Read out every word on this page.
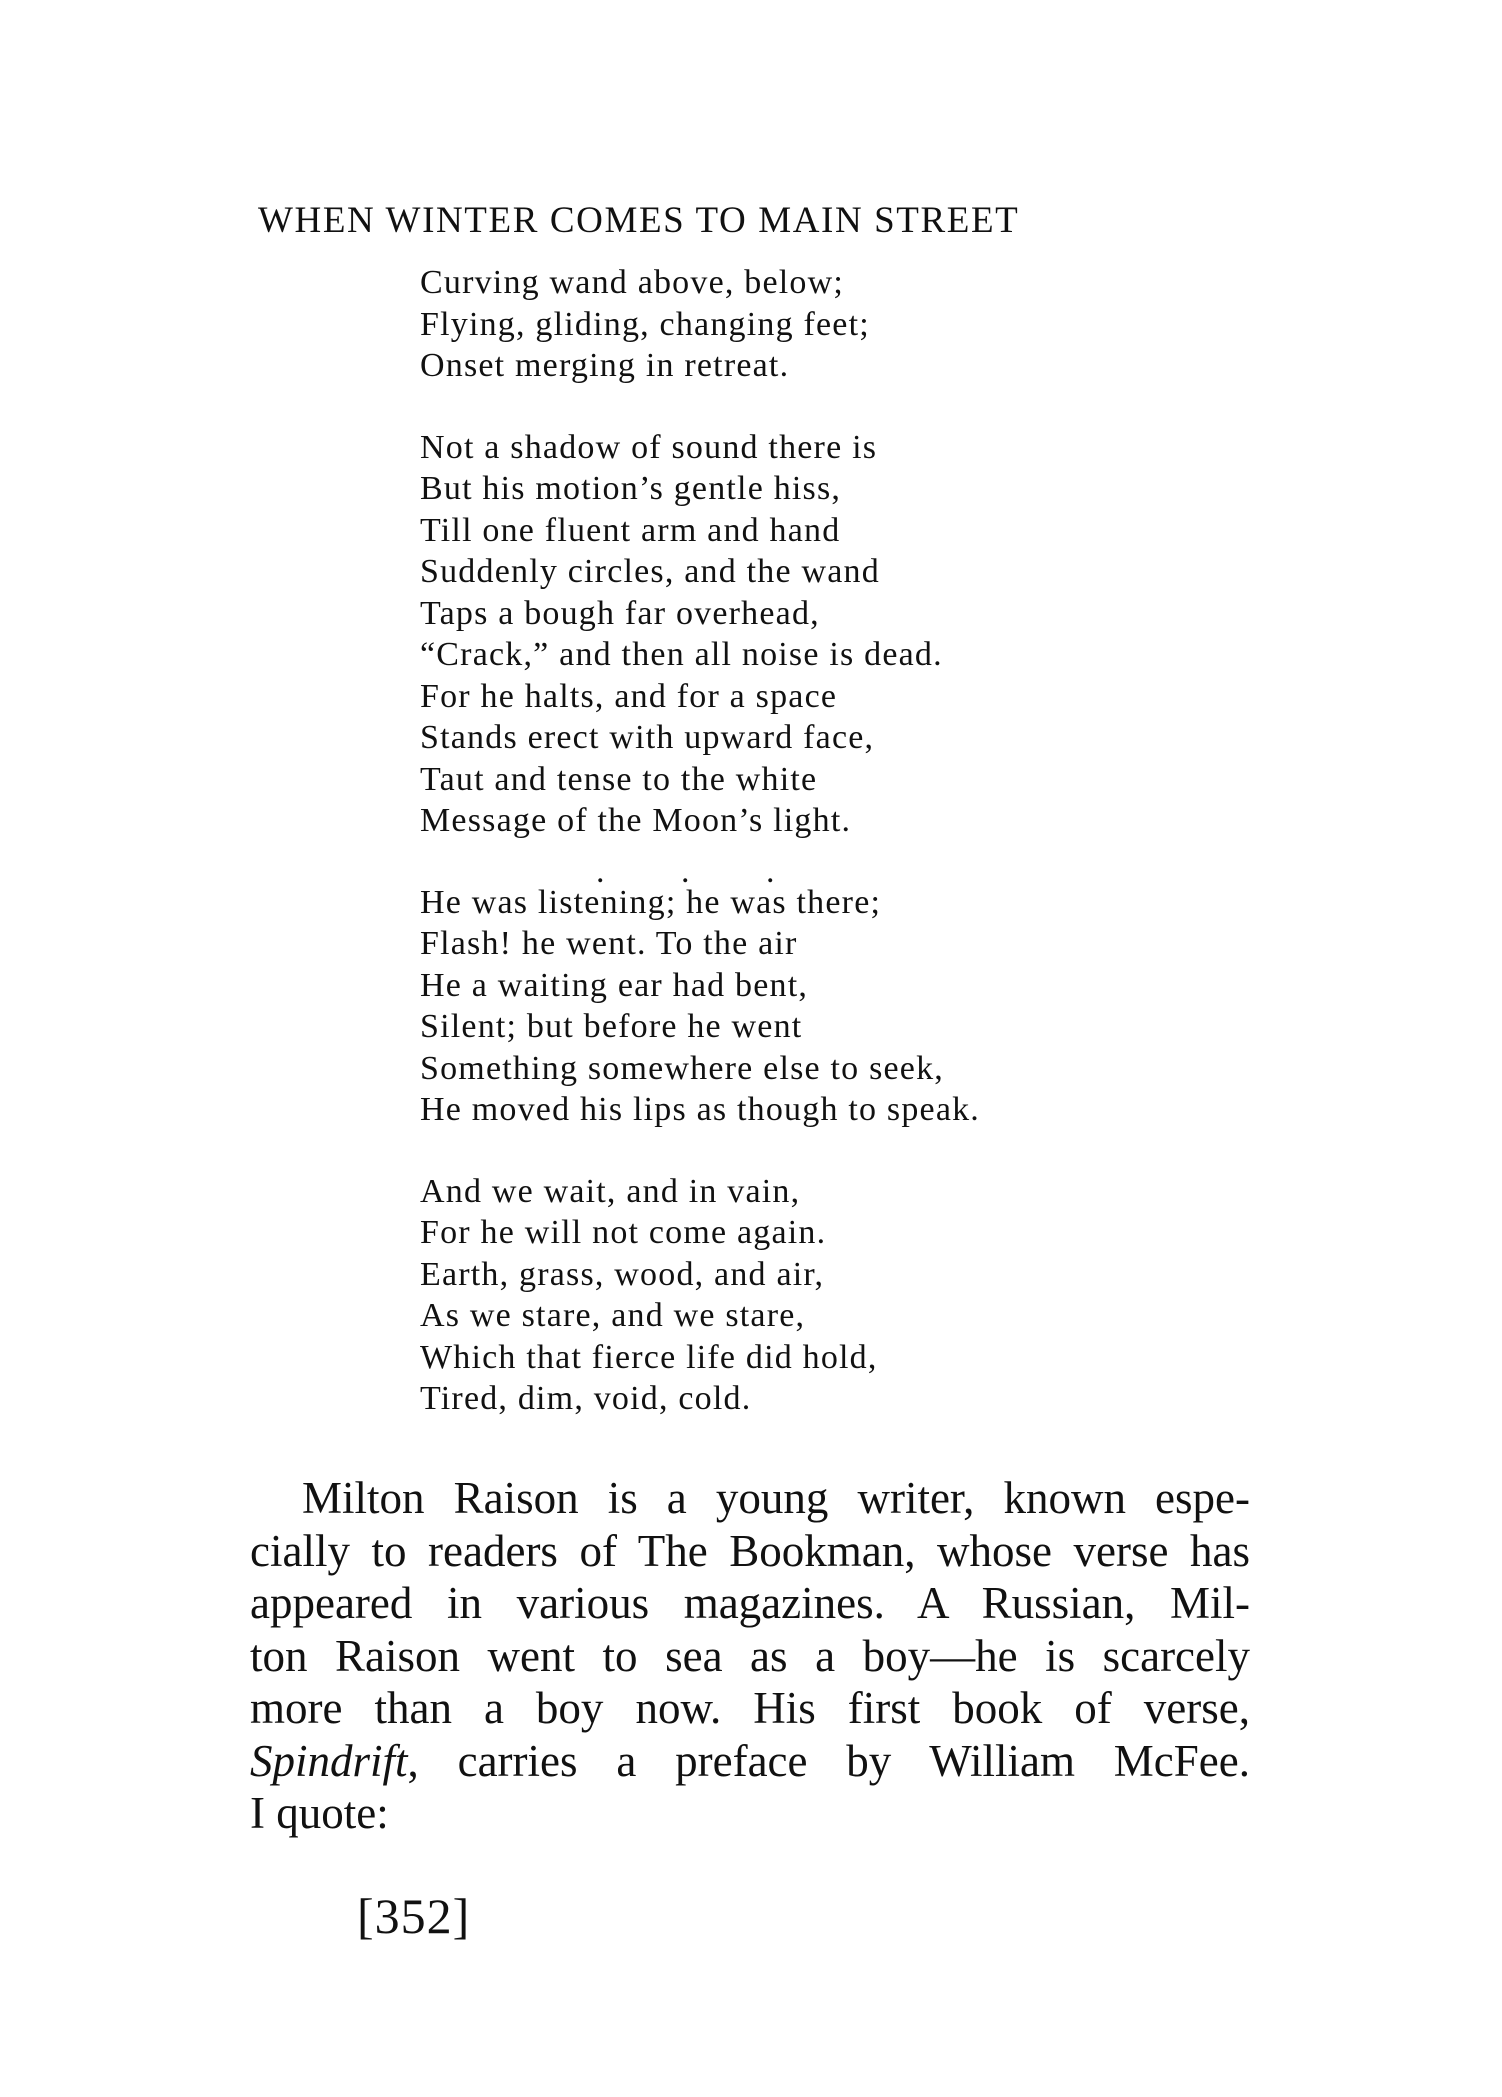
WHEN WINTER COMES TO MAIN STREET
Curving wand above, below;
Flying, gliding, changing feet;
Onset merging in retreat.
Not a shadow of sound there is
But his motion’s gentle hiss,
Till one fluent arm and hand
Suddenly circles, and the wand
Taps a bough far overhead,
“Crack,” and then all noise is dead.
For he halts, and for a space
Stands erect with upward face,
Taut and tense to the white
Message of the Moon’s light.
He was listening; he was there;
Flash! he went. To the air
He a waiting ear had bent,
Silent; but before he went
Something somewhere else to seek,
He moved his lips as though to speak.
And we wait, and in vain,
For he will not come again.
Earth, grass, wood, and air,
As we stare, and we stare,
Which that fierce life did hold,
Tired, dim, void, cold.
. . .
Milton Raison is a young writer, known espe-
cially to readers of The Bookman, whose verse has
appeared in various magazines. A Russian, Mil-
ton Raison went to sea as a boy—he is scarcely
more than a boy now. His first book of verse,
Spindrift, carries a preface by William McFee.
I quote:
[352]
